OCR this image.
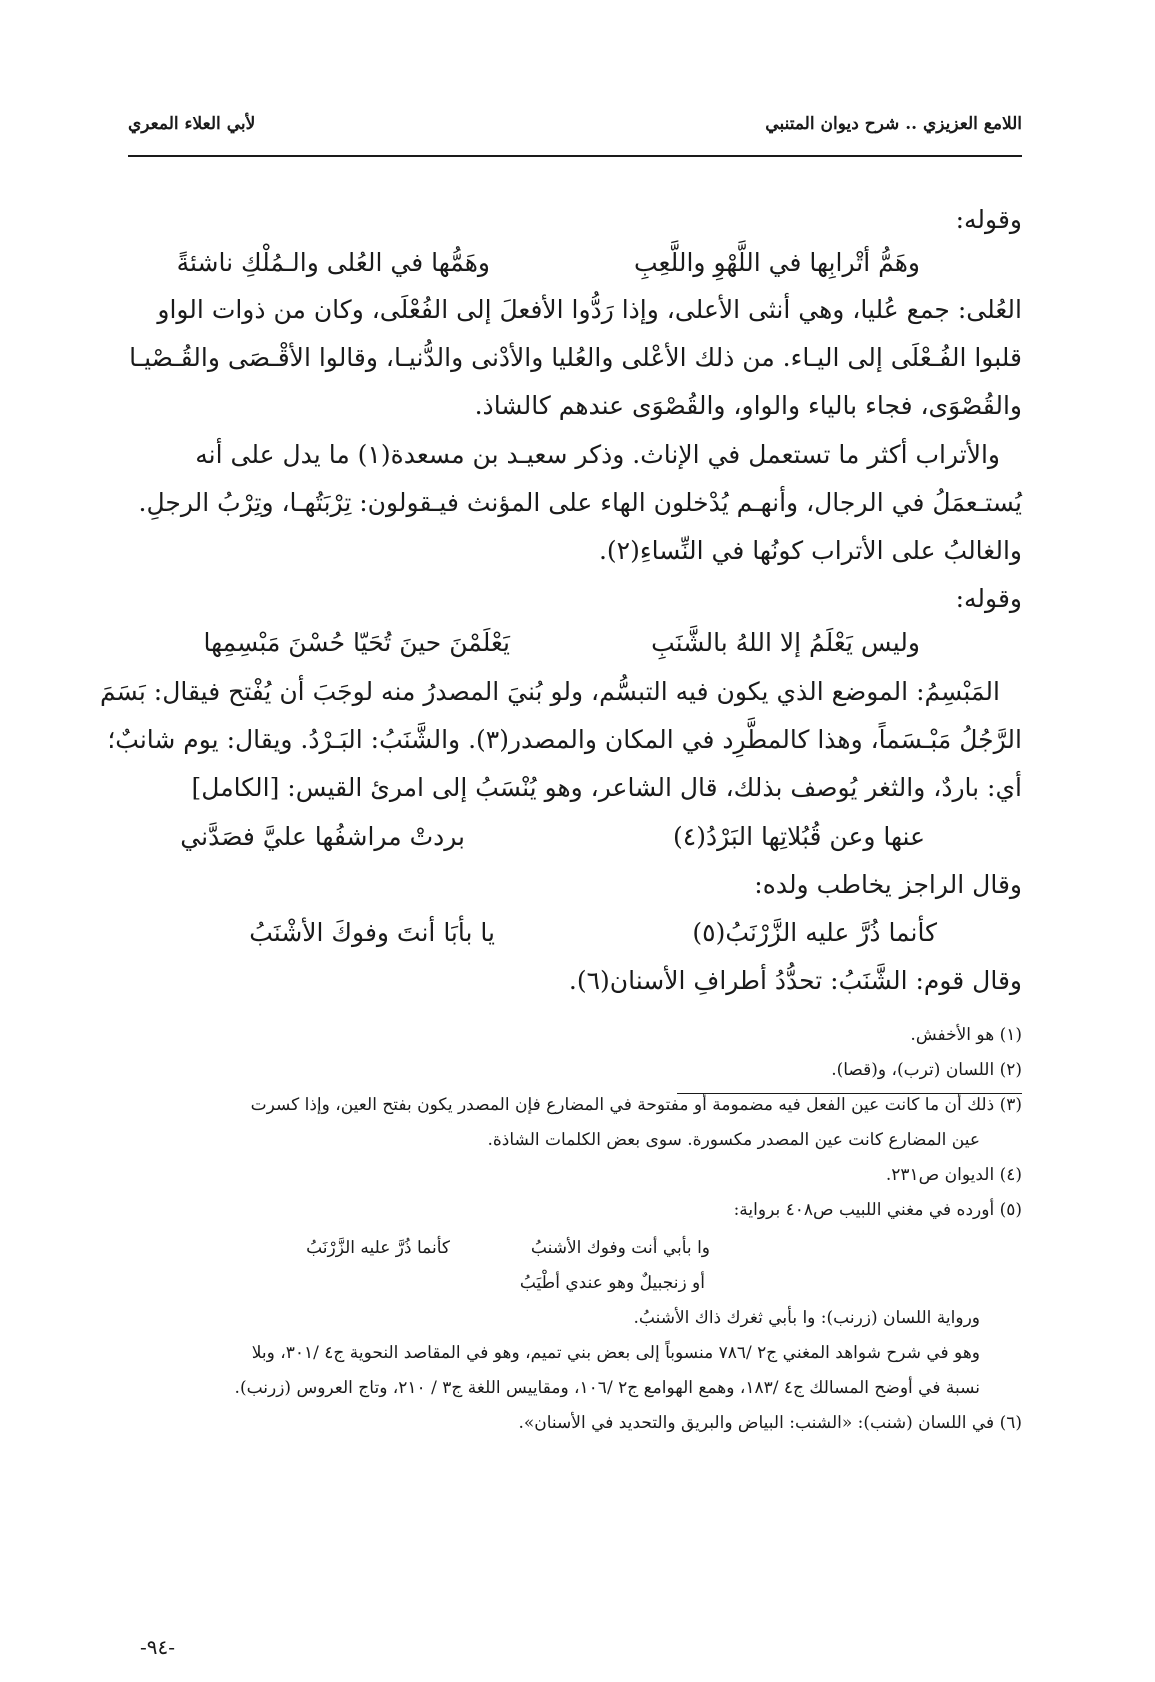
لأبي العلاء المعري	اللامع العزيزي .. شرح ديوان المتنبي
وقوله:
وهَمُّها في العُلى والـمُلْكِ ناشئةً	وهَمُّ أتْرابِها في اللَّهْوِ واللَّعِبِ
العُلى: جمع عُليا، وهي أنثى الأعلى، وإذا رَدُّوا الأفعلَ إلى الفُعْلَى، وكان من ذوات الواو
قلبوا الفُـعْلَى إلى اليـاء. من ذلك الأعْلى والعُليا والأدْنى والدُّنيـا، وقالوا الأقْـصَى والقُـصْيـا
والقُصْوَى، فجاء بالياء والواو، والقُصْوَى عندهم كالشاذ.
والأتراب أكثر ما تستعمل في الإناث. وذكر سعيـد بن مسعدة(١) ما يدل على أنه
يُستـعمَلُ في الرجال، وأنهـم يُدْخلون الهاء على المؤنث فيـقولون: تِرْبَتُهـا، وتِرْبُ الرجلِ.
والغالبُ على الأتراب كونُها في النِّساءِ(٢).
وقوله:
يَعْلَمْنَ حينَ تُحَيّا حُسْنَ مَبْسِمِها	وليس يَعْلَمُ إلا اللهُ بالشَّنَبِ
المَبْسِمُ: الموضع الذي يكون فيه التبسُّم، ولو بُنيَ المصدرُ منه لوجَبَ أن يُفْتح فيقال: بَسَمَ
الرَّجُلُ مَبْـسَماً، وهذا كالمطَّرِد في المكان والمصدر(٣). والشَّنَبُ: البَـرْدُ. ويقال: يوم شانبٌ؛
أي: باردٌ، والثغر يُوصف بذلك، قال الشاعر، وهو يُنْسَبُ إلى امرئ القيس: [الكامل]
بردتْ مراشفُها عليَّ فصَدَّني	عنها وعن قُبُلاتِها البَرْدُ(٤)
وقال الراجز يخاطب ولده:
يا بأبَا أنتَ وفوكَ الأشْنَبُ	كأنما ذُرَّ عليه الزَّرْنَبُ(٥)
وقال قوم: الشَّنَبُ: تحدُّدُ أطرافِ الأسنان(٦).
(١) هو الأخفش.
(٢) اللسان (ترب)، و(قصا).
(٣) ذلك أن ما كانت عين الفعل فيه مضمومة أو مفتوحة في المضارع فإن المصدر يكون بفتح العين، وإذا كسرت
عين المضارع كانت عين المصدر مكسورة. سوى بعض الكلمات الشاذة.
(٤) الديوان ص٢٣١.
(٥) أورده في مغني اللبيب ص٤٠٨ برواية:
وا بأبي أنت وفوك الأشنبُ
كأنما ذُرَّ عليه الزَّرْنَبُ
أو زنجبيلٌ وهو عندي أطْيَبُ
ورواية اللسان (زرنب): وا بأبي ثغرك ذاك الأشنبُ.
وهو في شرح شواهد المغني ج٢ /٧٨٦ منسوباً إلى بعض بني تميم، وهو في المقاصد النحوية ج٤ /٣٠١، وبلا
نسبة في أوضح المسالك ج٤ /١٨٣، وهمع الهوامع ج٢ /١٠٦، ومقاييس اللغة ج٣ / ٢١٠، وتاج العروس (زرنب).
(٦) في اللسان (شنب): «الشنب: البياض والبريق والتحديد في الأسنان».
-٩٤-
